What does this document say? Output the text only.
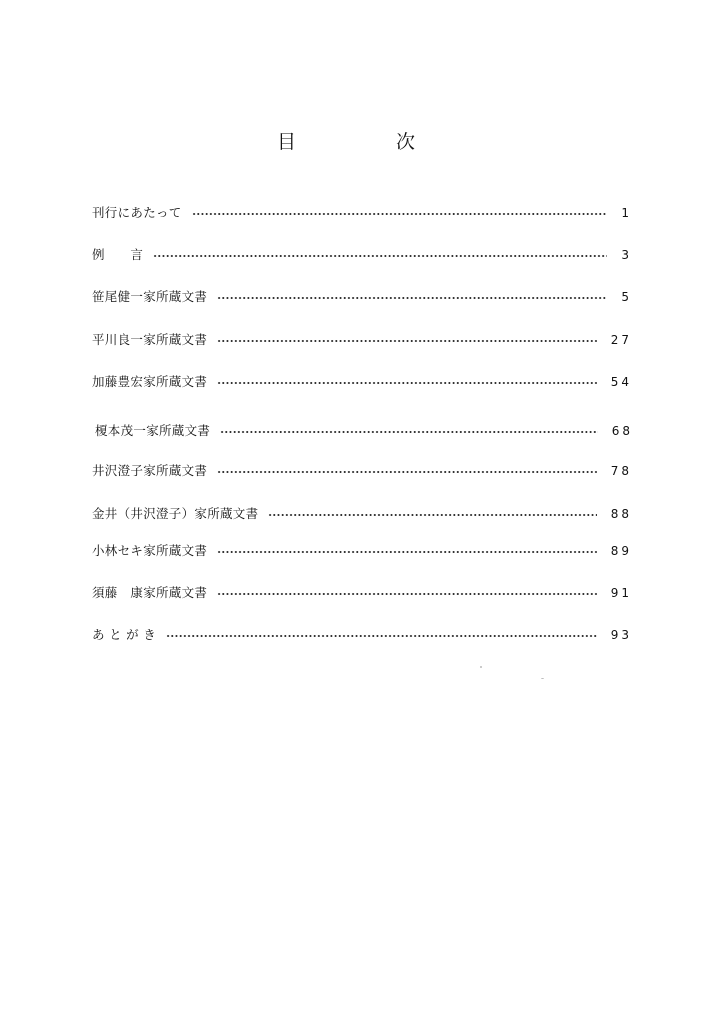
目	次
刊行にあたって	1
例　　言	3
笹尾健一家所蔵文書	5
平川良一家所蔵文書	27
加藤豊宏家所蔵文書	54
榎本茂一家所蔵文書	68
井沢澄子家所蔵文書	78
金井（井沢澄子）家所蔵文書	88
小林セキ家所蔵文書	89
須藤　康家所蔵文書	91
あ と が き	93
